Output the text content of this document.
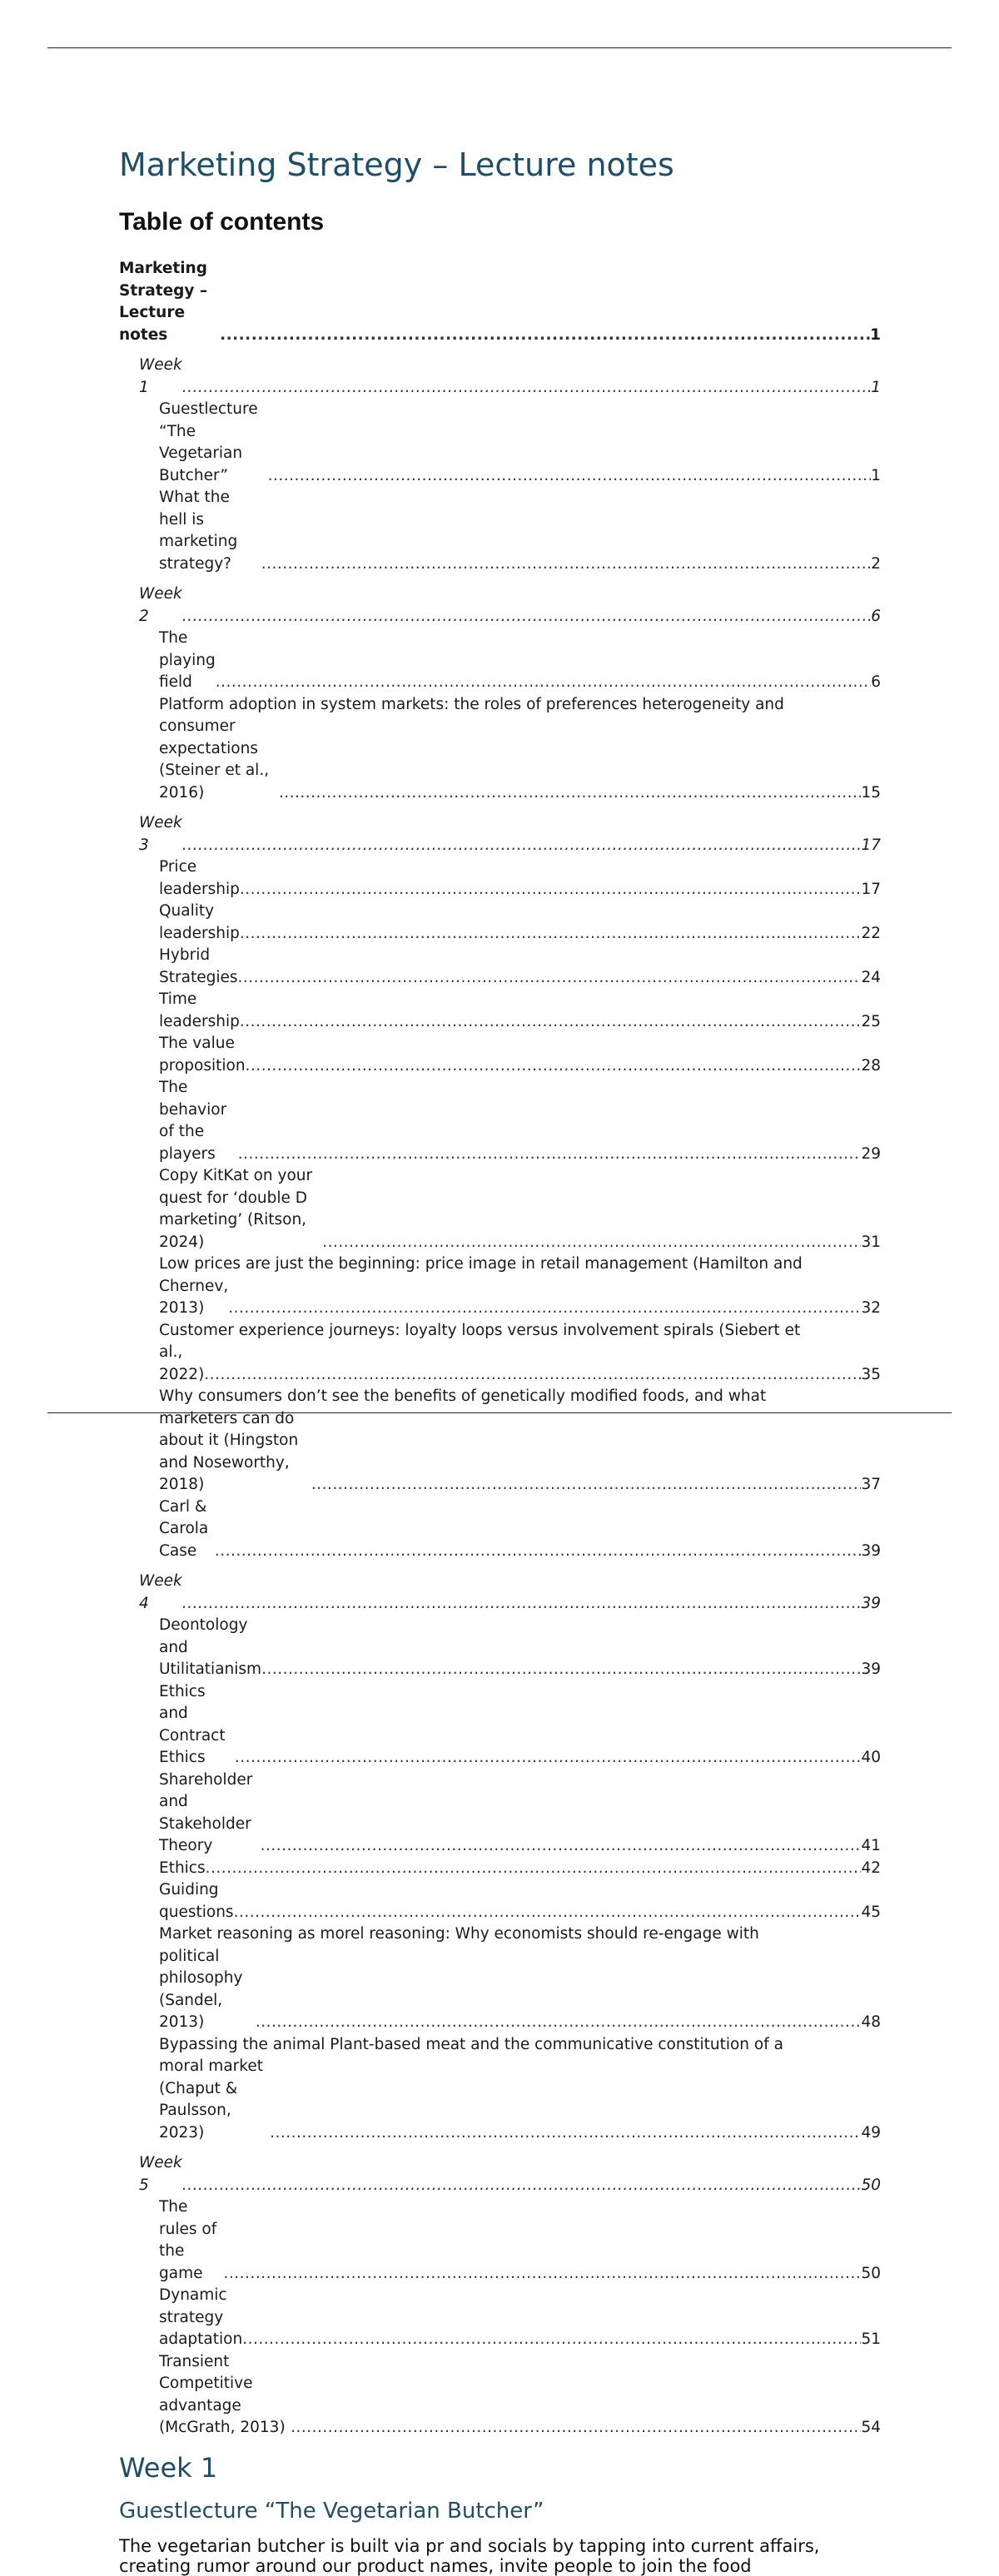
Marketing Strategy – Lecture notes
Table of contents
Marketing Strategy – Lecture notes .....	1
Week 1 .....	1
Guestlecture “The Vegetarian Butcher” .....	1
What the hell is marketing strategy? .....	2
Week 2 .....	6
The playing field .....	6
Platform adoption in system markets: the roles of preferences heterogeneity and
consumer expectations (Steiner et al., 2016) .....	15
Week 3 .....	17
Price leadership .....	17
Quality leadership .....	22
Hybrid Strategies .....	24
Time leadership .....	25
The value proposition .....	28
The behavior of the players .....	29
Copy KitKat on your quest for ‘double D marketing’ (Ritson, 2024) .....	31
Low prices are just the beginning: price image in retail management (Hamilton and
Chernev, 2013) .....	32
Customer experience journeys: loyalty loops versus involvement spirals (Siebert et
al., 2022) .....	35
Why consumers don’t see the benefits of genetically modified foods, and what
marketers can do about it (Hingston and Noseworthy, 2018) .....	37
Carl & Carola Case .....	39
Week 4 .....	39
Deontology and Utilitatianism .....	39
Ethics and Contract Ethics .....	40
Shareholder and Stakeholder Theory .....	41
Ethics .....	42
Guiding questions .....	45
Market reasoning as morel reasoning: Why economists should re-engage with
political philosophy (Sandel, 2013) .....	48
Bypassing the animal Plant-based meat and the communicative constitution of a
moral market (Chaput & Paulsson, 2023) .....	49
Week 5 .....	50
The rules of the game .....	50
Dynamic strategy adaptation .....	51
Transient Competitive advantage (McGrath, 2013) .....	54
Week 1
Guestlecture “The Vegetarian Butcher”

The vegetarian butcher is built via pr and socials by tapping into current affairs,
creating rumor around our product names, invite people to join the food
